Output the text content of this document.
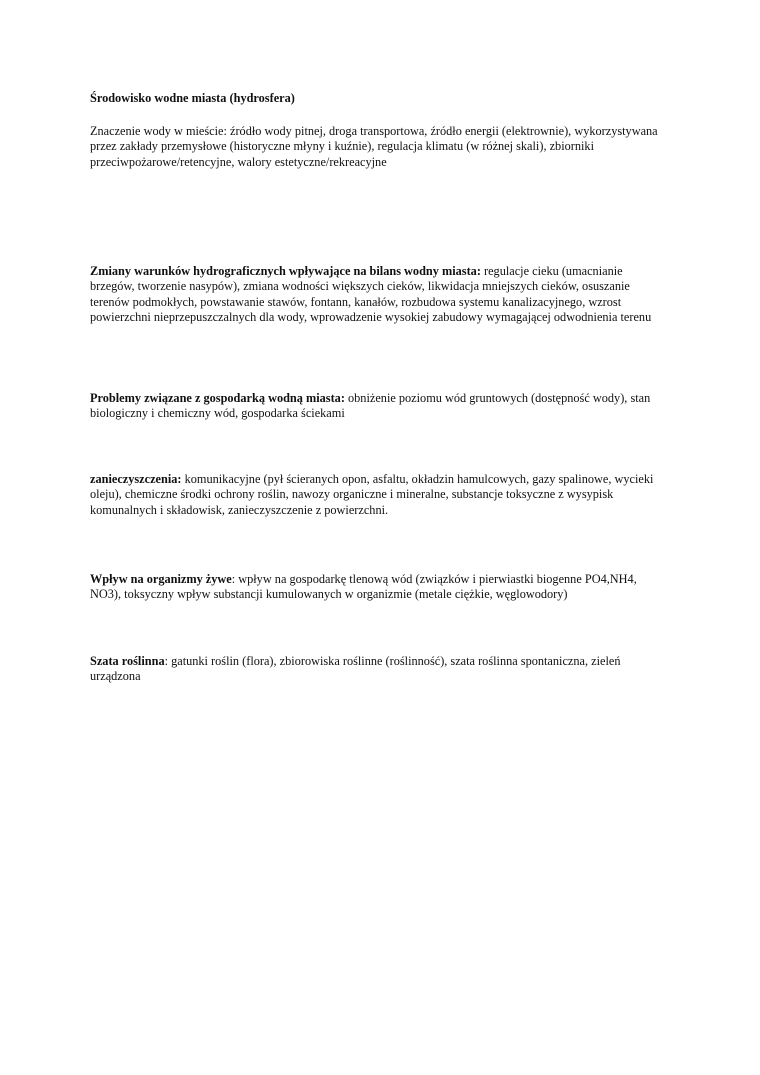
Środowisko wodne miasta (hydrosfera)

Znaczenie wody w mieście: źródło wody pitnej, droga transportowa, źródło energii (elektrownie), wykorzystywana przez zakłady przemysłowe (historyczne młyny i kuźnie), regulacja klimatu (w różnej skali), zbiorniki przeciwpożarowe/retencyjne, walory estetyczne/rekreacyjne

Zmiany warunków hydrograficznych wpływające na bilans wodny miasta: regulacje cieku (umacnianie brzegów, tworzenie nasypów), zmiana wodności większych cieków, likwidacja mniejszych cieków, osuszanie terenów podmokłych, powstawanie stawów, fontann, kanałów, rozbudowa systemu kanalizacyjnego, wzrost powierzchni nieprzepuszczalnych dla wody, wprowadzenie wysokiej zabudowy wymagającej odwodnienia terenu

Problemy związane z gospodarką wodną miasta: obniżenie poziomu wód gruntowych (dostępność wody), stan biologiczny i chemiczny wód, gospodarka ściekami

zanieczyszczenia: komunikacyjne (pył ścieranych opon, asfaltu, okładzin hamulcowych, gazy spalinowe, wycieki oleju), chemiczne środki ochrony roślin, nawozy organiczne i mineralne, substancje toksyczne z wysypisk komunalnych i składowisk, zanieczyszczenie z powierzchni.

Wpływ na organizmy żywe: wpływ na gospodarkę tlenową wód (związków i pierwiastki biogenne PO4,NH4, NO3), toksyczny wpływ substancji kumulowanych w organizmie (metale ciężkie, węglowodory)

Szata roślinna: gatunki roślin (flora), zbiorowiska roślinne (roślinność), szata roślinna spontaniczna, zieleń urządzona
